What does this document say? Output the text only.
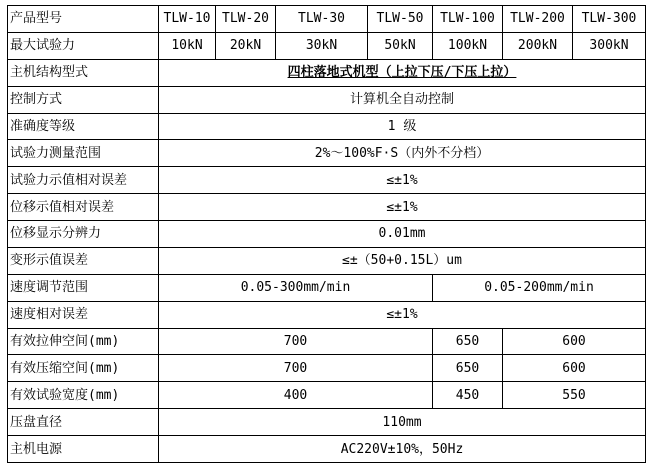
产品型号	TLW-10	TLW-20	TLW-30	TLW-50	TLW-100	TLW-200	TLW-300
最大试验力	10kN	20kN	30kN	50kN	100kN	200kN	300kN
主机结构型式	四柱落地式机型（上拉下压/下压上拉）						
控制方式	计算机全自动控制						
准确度等级	1 级						
试验力测量范围	2%～100%F·S（内外不分档）						
试验力示值相对误差	≤±1%						
位移示值相对误差	≤±1%						
位移显示分辨力	0.01mm						
变形示值误差	≤±（50+0.15L）um						
速度调节范围	0.05-300mm/min				0.05-200mm/min		
速度相对误差	≤±1%						
有效拉伸空间(mm)	700				650	600	
有效压缩空间(mm)	700				650	600	
有效试验宽度(mm)	400				450	550	
压盘直径	110mm						
主机电源	AC220V±10%，50Hz						
